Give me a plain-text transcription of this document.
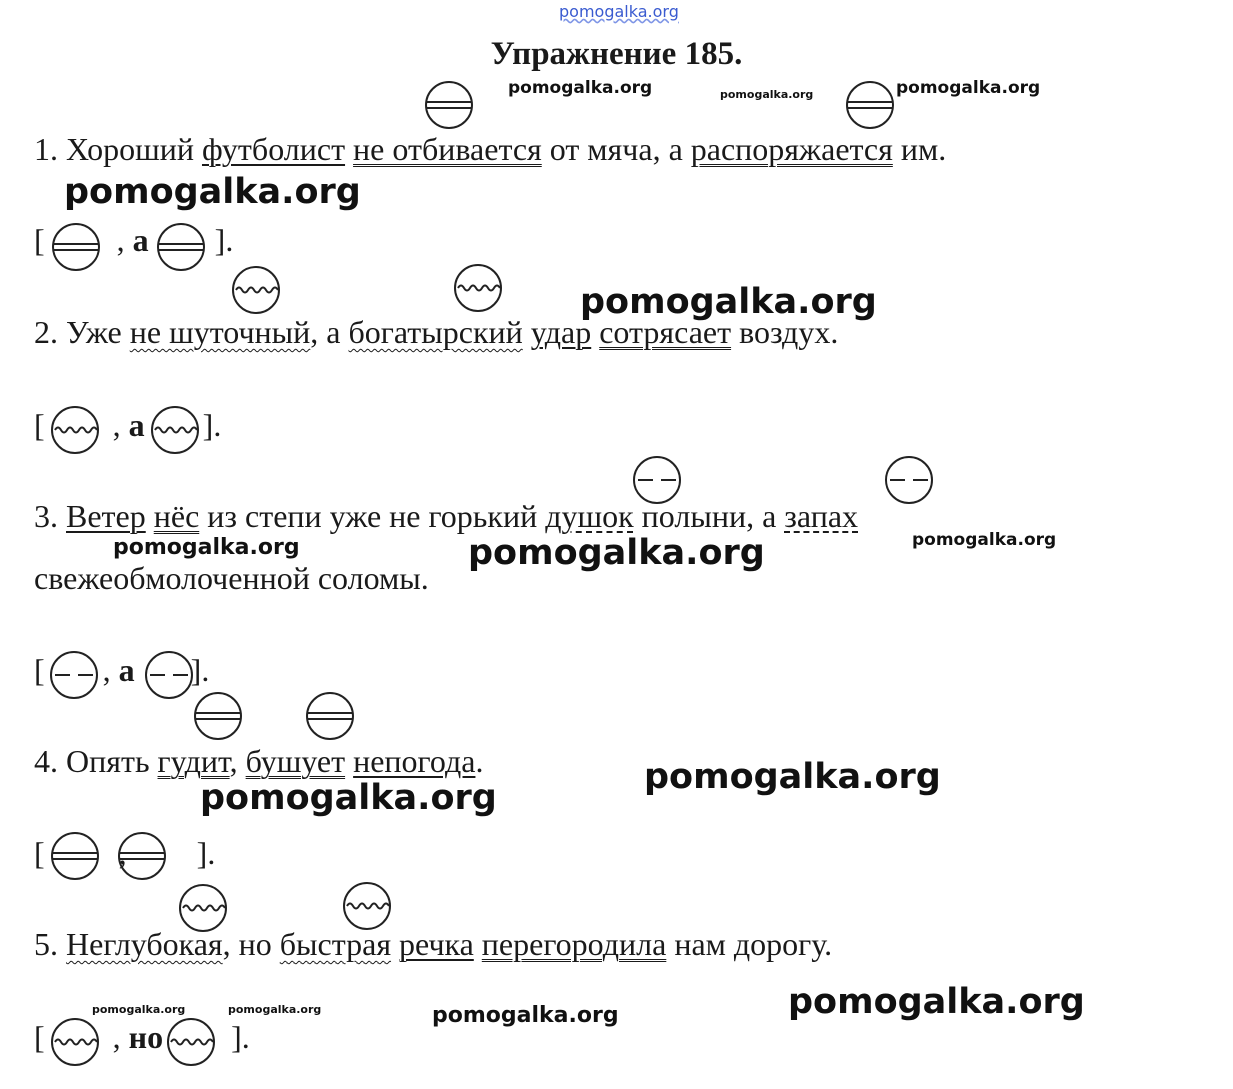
pomogalka.org
Упражнение 185.
pomogalka.org	pomogalka.org	pomogalka.org
pomogalka.org
pomogalka.org
pomogalka.org	pomogalka.org	pomogalka.org
pomogalka.org
pomogalka.org
pomogalka.org
pomogalka.org	pomogalka.org	pomogalka.org
1. Хороший футболист не отбивается от мяча, а распоряжается им.
[  , а  ].
2. Уже не шуточный, а богатырский удар сотрясает воздух.
[  , а  ].
3. Ветер нёс из степи уже не горький душок полыни, а запах
свежеобмолоченной соломы.
[ , а  ].
4. Опять гудит, бушует непогода.
[  ,  ].
5. Неглубокая, но быстрая речка перегородила нам дорогу.
[  , но  ].
